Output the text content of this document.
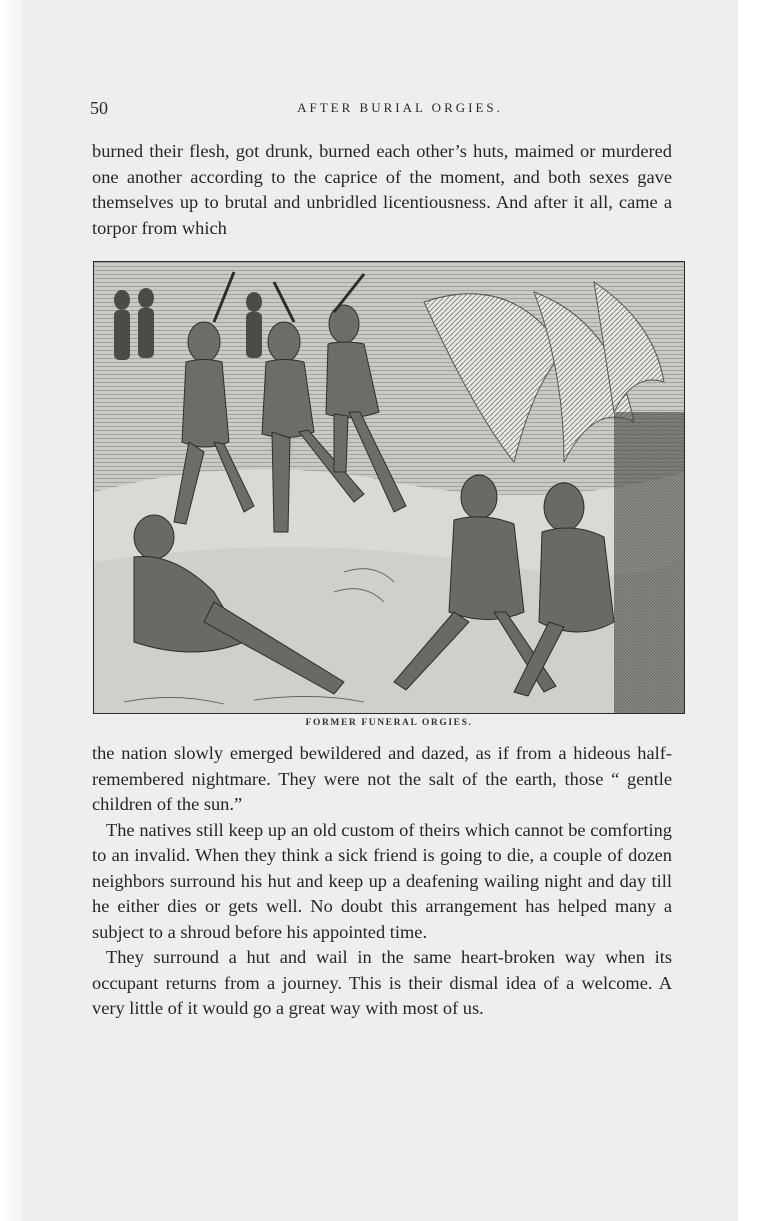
50	AFTER BURIAL ORGIES.

burned their flesh, got drunk, burned each other’s huts, maimed or murdered one another according to the caprice of the moment, and both sexes gave themselves up to brutal and unbridled licentiousness. And after it all, came a torpor from which

FORMER FUNERAL ORGIES.

the nation slowly emerged bewildered and dazed, as if from a hideous half-remembered nightmare. They were not the salt of the earth, those “ gentle children of the sun.”

The natives still keep up an old custom of theirs which cannot be comforting to an invalid. When they think a sick friend is going to die, a couple of dozen neighbors surround his hut and keep up a deafening wailing night and day till he either dies or gets well. No doubt this arrangement has helped many a subject to a shroud before his appointed time.

They surround a hut and wail in the same heart-broken way when its occupant returns from a journey. This is their dismal idea of a welcome. A very little of it would go a great way with most of us.
